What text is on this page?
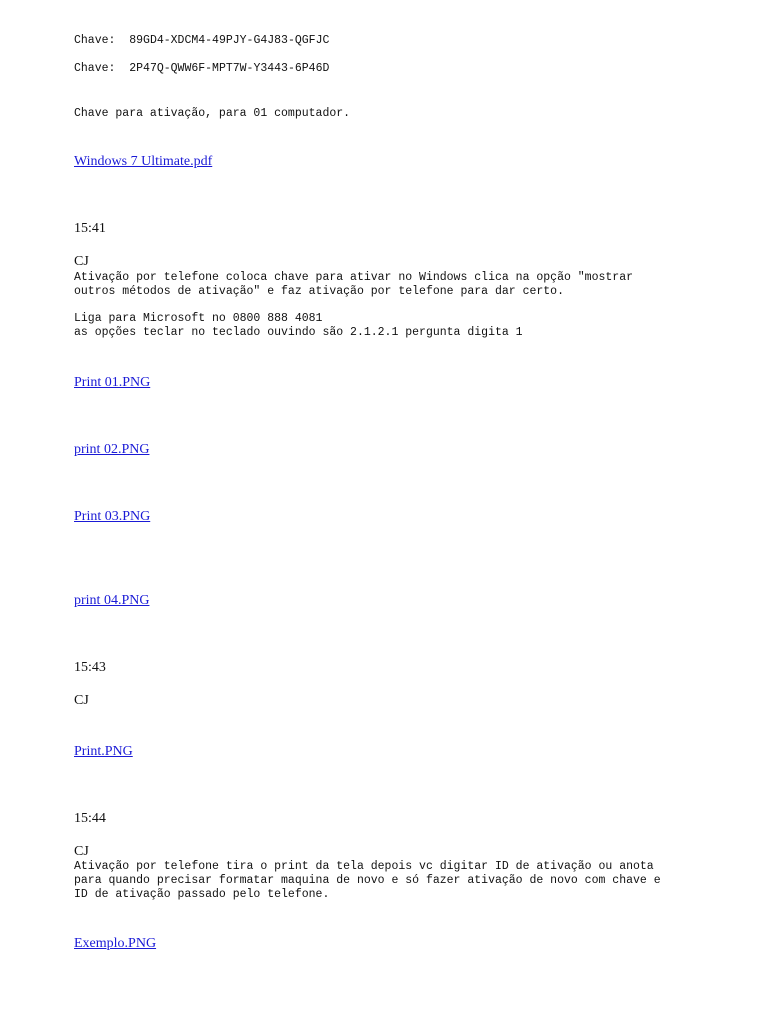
Chave: 89GD4-XDCM4-49PJY-G4J83-QGFJC
Chave: 2P47Q-QWW6F-MPT7W-Y3443-6P46D
Chave para ativação, para 01 computador.
Windows 7 Ultimate.pdf
15:41
CJ
Ativação por telefone coloca chave para ativar no Windows clica na opção "mostrar
outros métodos de ativação" e faz ativação por telefone para dar certo.
Liga para Microsoft no 0800 888 4081
as opções teclar no teclado ouvindo são 2.1.2.1 pergunta digita 1
Print 01.PNG
print 02.PNG
Print 03.PNG
print 04.PNG
15:43
CJ
Print.PNG
15:44
CJ
Ativação por telefone tira o print da tela depois vc digitar ID de ativação ou anota
para quando precisar formatar maquina de novo e só fazer ativação de novo com chave e
ID de ativação passado pelo telefone.
Exemplo.PNG
